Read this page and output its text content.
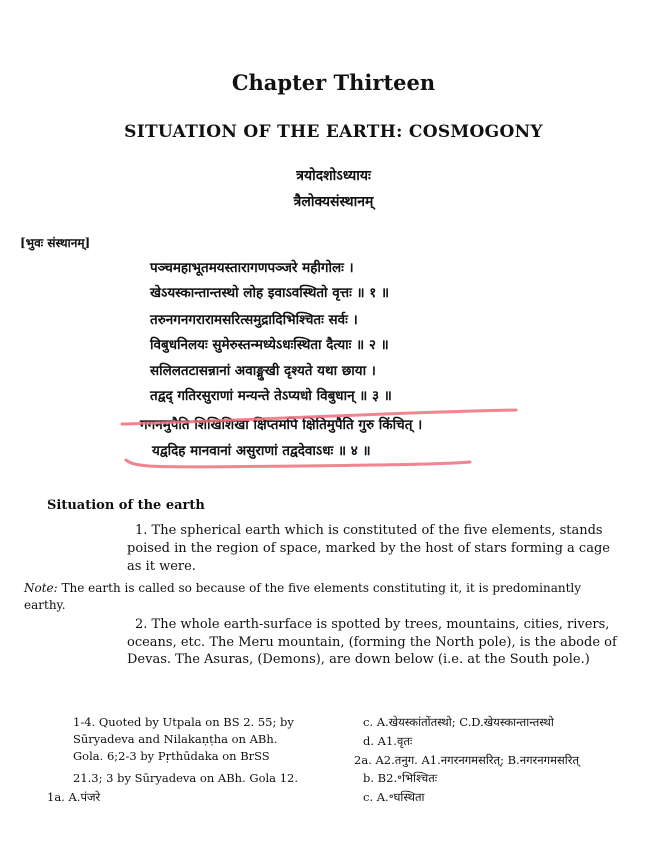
Chapter Thirteen
SITUATION OF THE EARTH: COSMOGONY
त्रयोदशोऽध्यायः
त्रैलोक्यसंस्थानम्
[भुवः संस्थानम्]
पञ्चमहाभूतमयस्तारागणपञ्जरे महीगोलः ।
खेऽयस्कान्तान्तस्थो लोह इवाऽवस्थितो वृत्तः ॥ १ ॥
तरुनगनगरारामसरित्समुद्रादिभिश्चितः सर्वः ।
विबुधनिलयः सुमेरुस्तन्मध्येऽधःस्थिता दैत्याः ॥ २ ॥
सलिलतटासन्नानां अवाङ्मुखी दृश्यते यथा छाया ।
तद्वद् गतिरसुराणां मन्यन्ते तेऽप्यधो विबुधान् ॥ ३ ॥
गगनमुपैति शिखिशिखा क्षिप्तमपि क्षितिमुपैति गुरु किंचित् ।
यद्वदिह मानवानां असुराणां तद्वदेवाऽधः ॥ ४ ॥
Situation of the earth
1. The spherical earth which is constituted of the five elements, stands
poised in the region of space, marked by the host of stars forming a cage as it were.
Note: The earth is called so because of the five elements constituting it, it is predominantly earthy.
2. The whole earth-surface is spotted by trees, mountains, cities, rivers, oceans, etc. The Meru mountain, (forming the North pole), is the abode of Devas. The Asuras, (Demons), are down below (i.e. at the South pole.)
1-4. Quoted by Utpala on BS 2. 55; by
Sūryadeva and Nilakaṇṭha on ABh.
Gola. 6;2-3 by Pṛthūdaka on BrSS
21.3; 3 by Sūryadeva on ABh. Gola 12.
1a. A.पंजरे
c. A.खेयस्कांतोंतस्थो; C.D.खेयस्कान्तान्तस्थो
d. A1.वृतः
2a. A2.तनुग. A1.नगरनगमसरित्; B.नगरनगमसरित्
b. B2.॰भिश्चितः
c. A.॰घस्थिता
